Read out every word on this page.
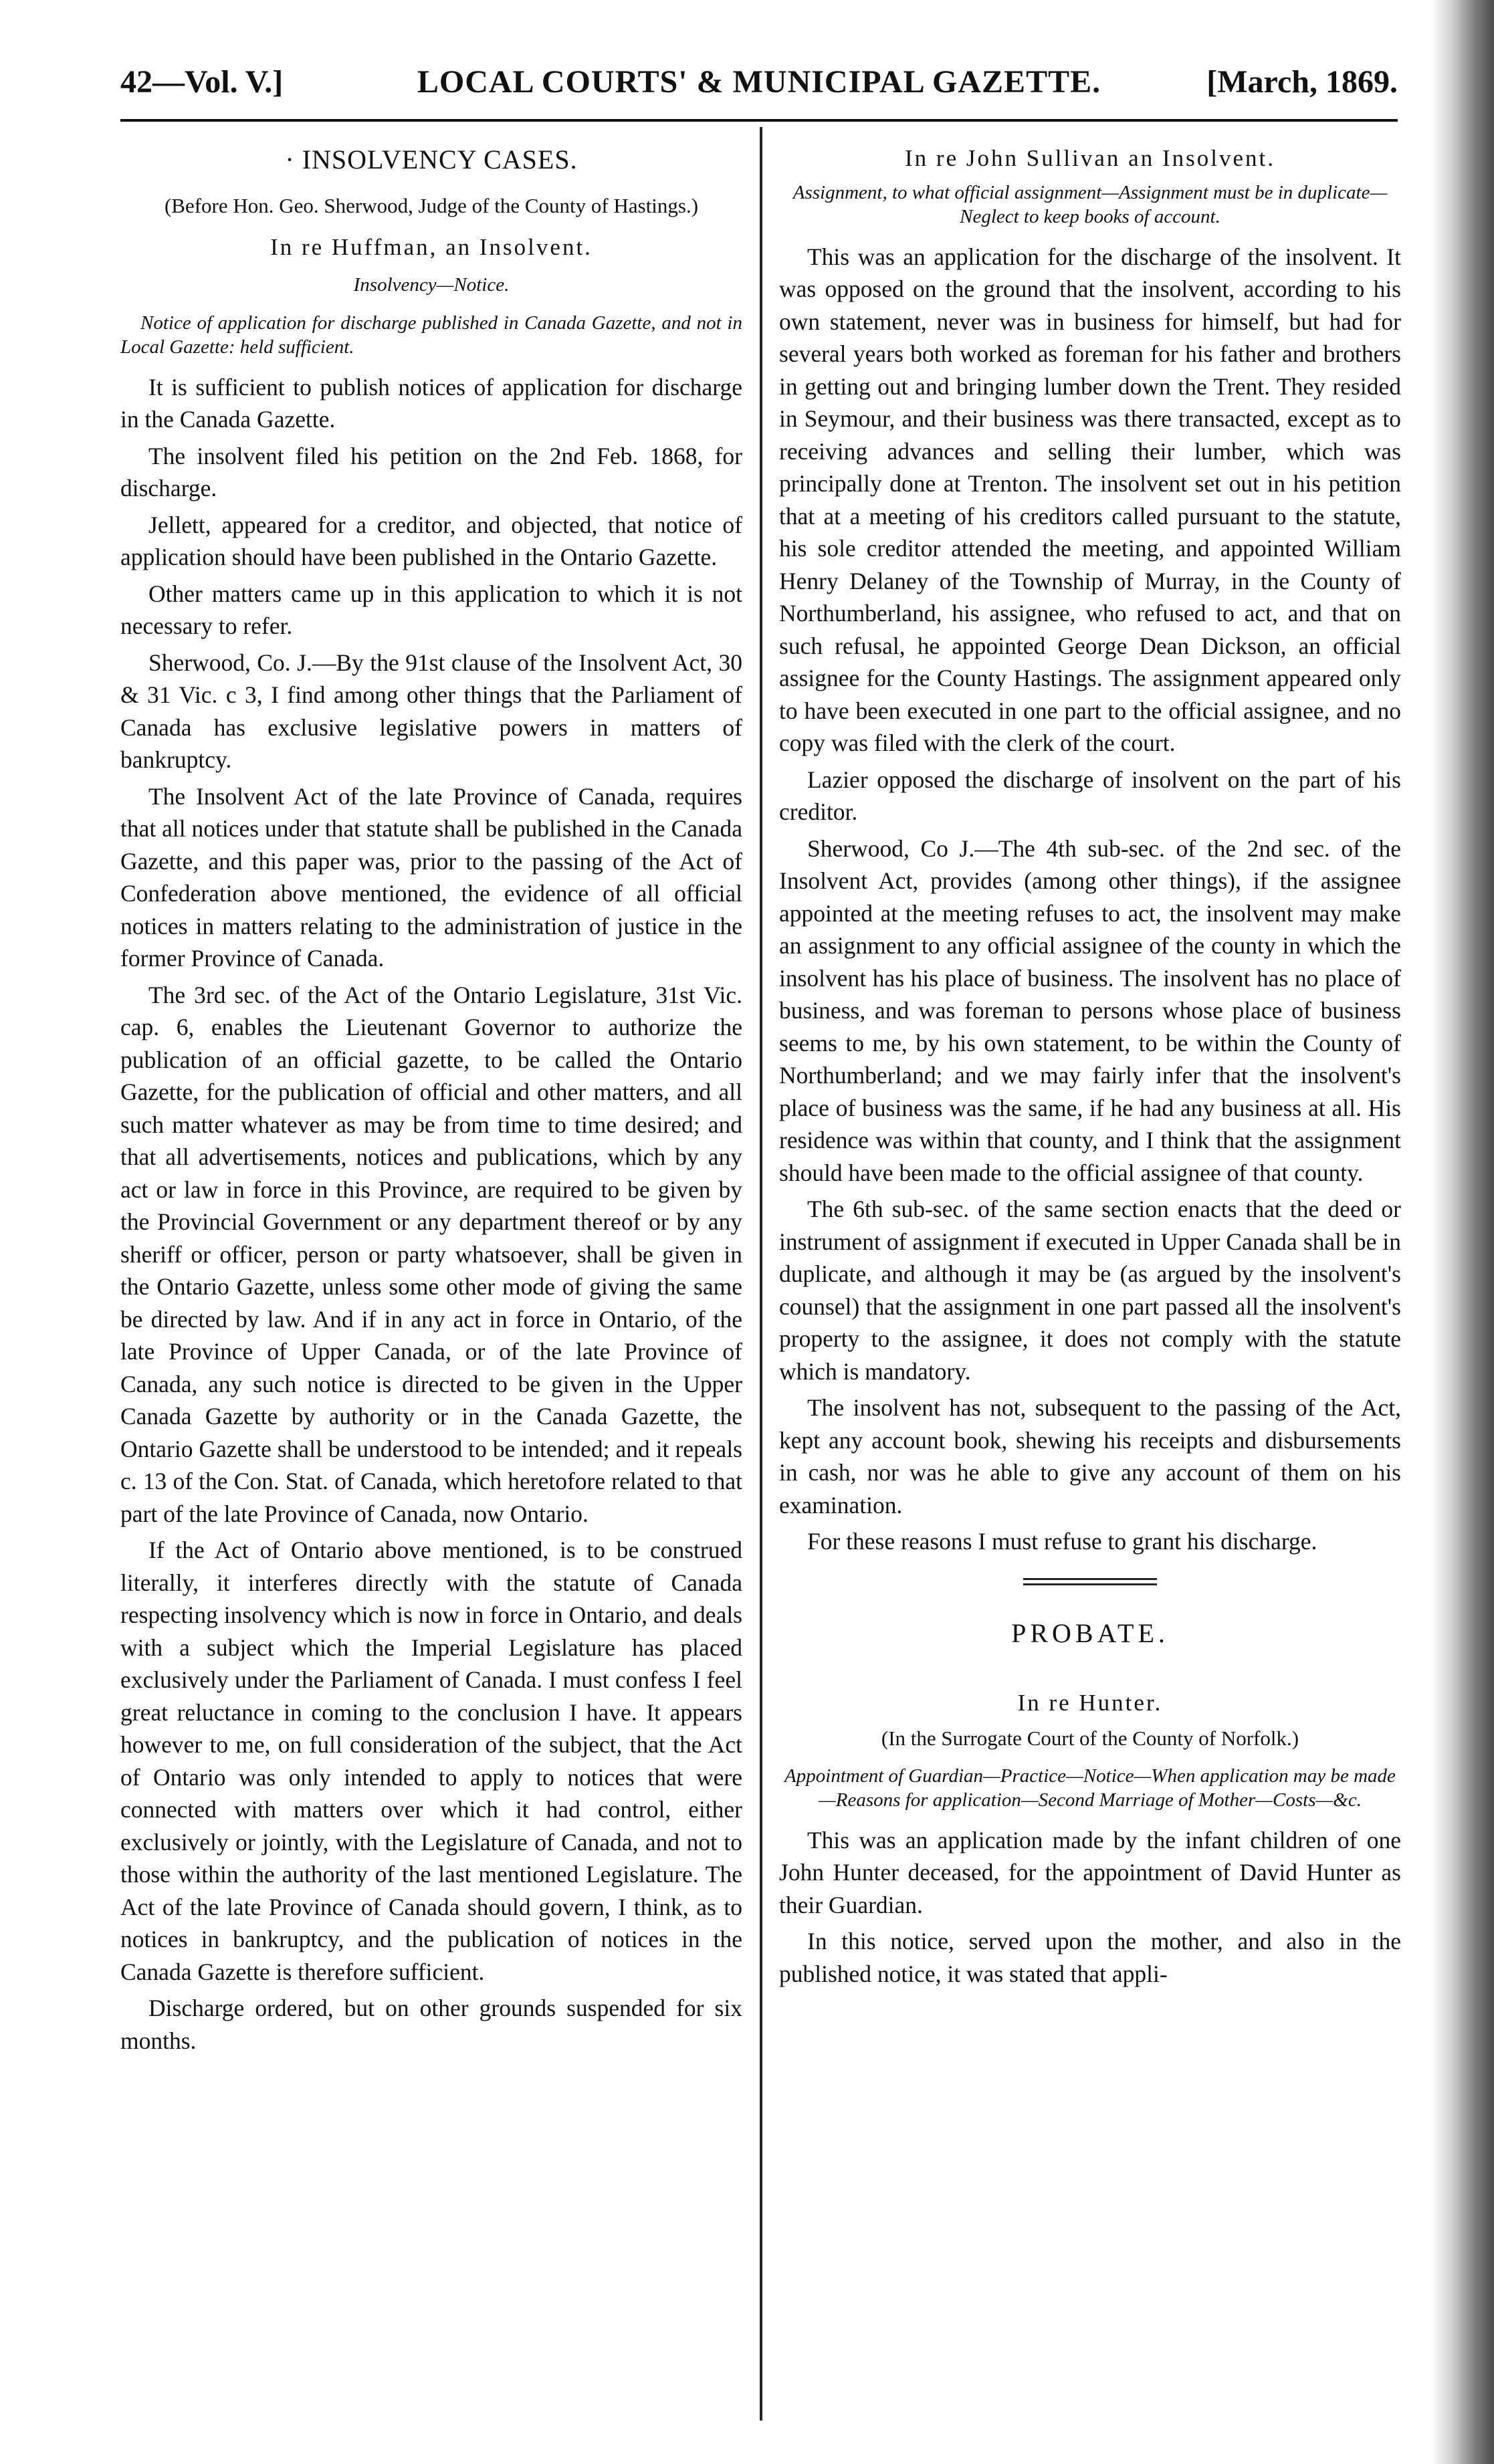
42—Vol. V.]	LOCAL COURTS' & MUNICIPAL GAZETTE.	[March, 1869.
· INSOLVENCY CASES.
(Before Hon. Geo. Sherwood, Judge of the County of Hastings.)
In re Huffman, an Insolvent.
Insolvency—Notice.
Notice of application for discharge published in Canada Gazette, and not in Local Gazette: held sufficient.

It is sufficient to publish notices of application for discharge in the Canada Gazette.

The insolvent filed his petition on the 2nd Feb. 1868, for discharge.

Jellett, appeared for a creditor, and objected, that notice of application should have been published in the Ontario Gazette.

Other matters came up in this application to which it is not necessary to refer.

Sherwood, Co. J.—By the 91st clause of the Insolvent Act, 30 & 31 Vic. c 3, I find among other things that the Parliament of Canada has exclusive legislative powers in matters of bankruptcy.

The Insolvent Act of the late Province of Canada, requires that all notices under that statute shall be published in the Canada Gazette, and this paper was, prior to the passing of the Act of Confederation above mentioned, the evidence of all official notices in matters relating to the administration of justice in the former Province of Canada.

The 3rd sec. of the Act of the Ontario Legislature, 31st Vic. cap. 6, enables the Lieutenant Governor to authorize the publication of an official gazette, to be called the Ontario Gazette, for the publication of official and other matters, and all such matter whatever as may be from time to time desired; and that all advertisements, notices and publications, which by any act or law in force in this Province, are required to be given by the Provincial Government or any department thereof or by any sheriff or officer, person or party whatsoever, shall be given in the Ontario Gazette, unless some other mode of giving the same be directed by law. And if in any act in force in Ontario, of the late Province of Upper Canada, or of the late Province of Canada, any such notice is directed to be given in the Upper Canada Gazette by authority or in the Canada Gazette, the Ontario Gazette shall be understood to be intended; and it repeals c. 13 of the Con. Stat. of Canada, which heretofore related to that part of the late Province of Canada, now Ontario.

If the Act of Ontario above mentioned, is to be construed literally, it interferes directly with the statute of Canada respecting insolvency which is now in force in Ontario, and deals with a subject which the Imperial Legislature has placed exclusively under the Parliament of Canada. I must confess I feel great reluctance in coming to the conclusion I have. It appears however to me, on full consideration of the subject, that the Act of Ontario was only intended to apply to notices that were connected with matters over which it had control, either exclusively or jointly, with the Legislature of Canada, and not to those within the authority of the last mentioned Legislature. The Act of the late Province of Canada should govern, I think, as to notices in bankruptcy, and the publication of notices in the Canada Gazette is therefore sufficient.

Discharge ordered, but on other grounds suspended for six months.

In re John Sullivan an Insolvent.
Assignment, to what official assignment—Assignment must be in duplicate—Neglect to keep books of account.

This was an application for the discharge of the insolvent. It was opposed on the ground that the insolvent, according to his own statement, never was in business for himself, but had for several years both worked as foreman for his father and brothers in getting out and bringing lumber down the Trent. They resided in Seymour, and their business was there transacted, except as to receiving advances and selling their lumber, which was principally done at Trenton. The insolvent set out in his petition that at a meeting of his creditors called pursuant to the statute, his sole creditor attended the meeting, and appointed William Henry Delaney of the Township of Murray, in the County of Northumberland, his assignee, who refused to act, and that on such refusal, he appointed George Dean Dickson, an official assignee for the County Hastings. The assignment appeared only to have been executed in one part to the official assignee, and no copy was filed with the clerk of the court.

Lazier opposed the discharge of insolvent on the part of his creditor.

Sherwood, Co J.—The 4th sub-sec. of the 2nd sec. of the Insolvent Act, provides (among other things), if the assignee appointed at the meeting refuses to act, the insolvent may make an assignment to any official assignee of the county in which the insolvent has his place of business. The insolvent has no place of business, and was foreman to persons whose place of business seems to me, by his own statement, to be within the County of Northumberland; and we may fairly infer that the insolvent's place of business was the same, if he had any business at all. His residence was within that county, and I think that the assignment should have been made to the official assignee of that county.

The 6th sub-sec. of the same section enacts that the deed or instrument of assignment if executed in Upper Canada shall be in duplicate, and although it may be (as argued by the insolvent's counsel) that the assignment in one part passed all the insolvent's property to the assignee, it does not comply with the statute which is mandatory.

The insolvent has not, subsequent to the passing of the Act, kept any account book, shewing his receipts and disbursements in cash, nor was he able to give any account of them on his examination.

For these reasons I must refuse to grant his discharge.

PROBATE.
In re Hunter.
(In the Surrogate Court of the County of Norfolk.)
Appointment of Guardian—Practice—Notice—When application may be made—Reasons for application—Second Marriage of Mother—Costs—&c.

This was an application made by the infant children of one John Hunter deceased, for the appointment of David Hunter as their Guardian.

In this notice, served upon the mother, and also in the published notice, it was stated that appli-
